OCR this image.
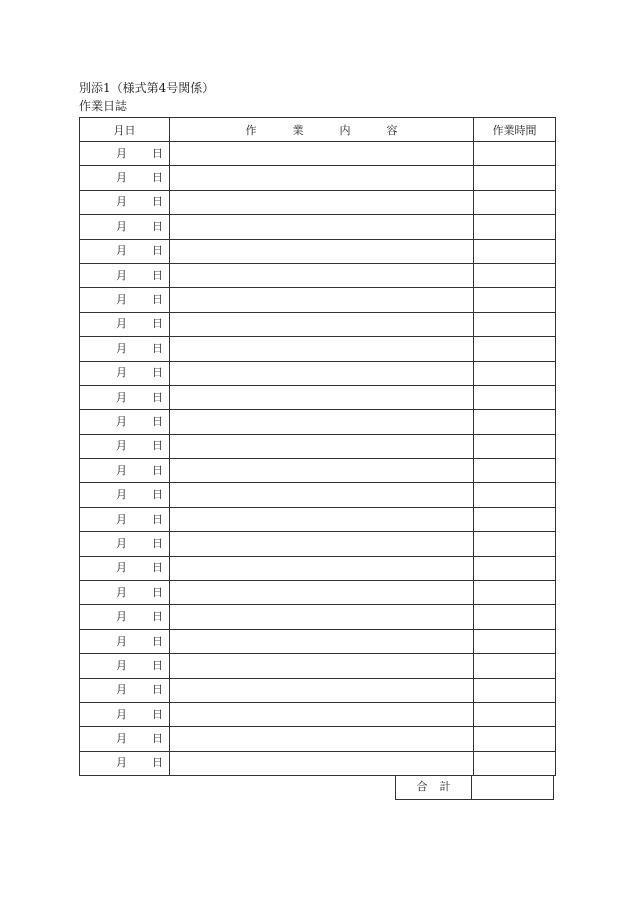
別添1（様式第4号関係）
作業日誌
月日	作業内容	作業時間

月 日		

月 日		

月 日		

月 日		

月 日		

月 日		

月 日		

月 日		

月 日		

月 日		

月 日		

月 日		

月 日		

月 日		

月 日		

月 日		

月 日		

月 日		

月 日		

月 日		

月 日		

月 日		

月 日		

月 日		

月 日		

月 日		

合計
